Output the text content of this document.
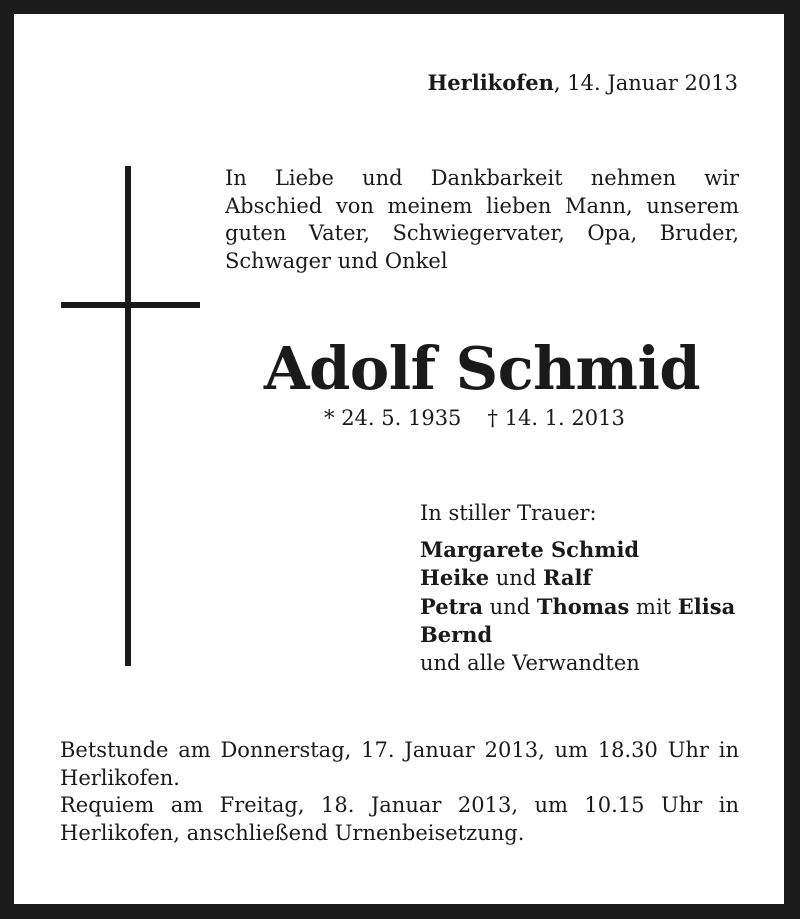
Herlikofen, 14. Januar 2013
In Liebe und Dankbarkeit nehmen wir
Abschied von meinem lieben Mann, unserem
guten Vater, Schwiegervater, Opa, Bruder,
Schwager und Onkel
Adolf Schmid
* 24. 5. 1935 † 14. 1. 2013
In stiller Trauer:
Margarete Schmid
Heike und Ralf
Petra und Thomas mit Elisa
Bernd
und alle Verwandten
Betstunde am Donnerstag, 17. Januar 2013, um 18.30 Uhr in
Herlikofen.
Requiem am Freitag, 18. Januar 2013, um 10.15 Uhr in
Herlikofen, anschließend Urnenbeisetzung.
